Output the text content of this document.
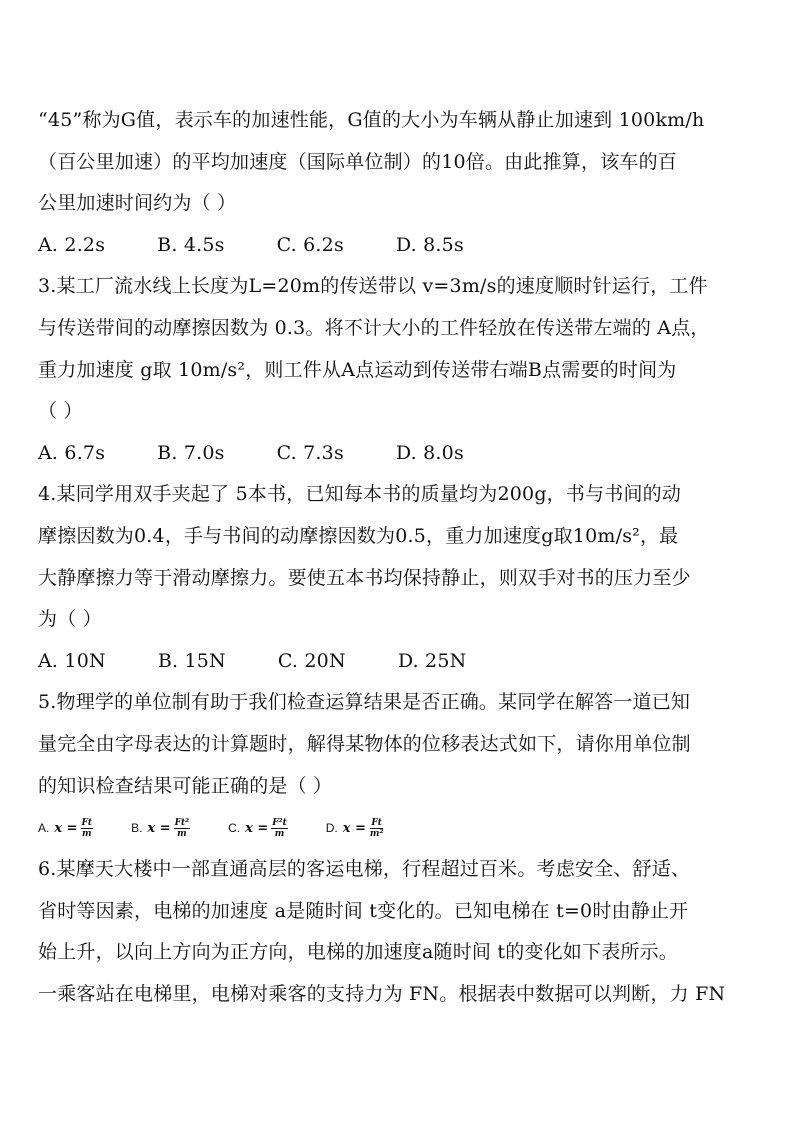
“45”称为G值，表示车的加速性能，G值的大小为车辆从静止加速到 100km/h
（百公里加速）的平均加速度（国际单位制）的10倍。由此推算，该车的百
公里加速时间约为（ ）
A. 2.2s	B. 4.5s	C. 6.2s	D. 8.5s
3.某工厂流水线上长度为L=20m的传送带以 v=3m/s的速度顺时针运行，工件
与传送带间的动摩擦因数为 0.3。将不计大小的工件轻放在传送带左端的 A点，
重力加速度 g取 10m/s²，则工件从A点运动到传送带右端B点需要的时间为
（ ）
A. 6.7s	B. 7.0s	C. 7.3s	D. 8.0s
4.某同学用双手夹起了 5本书，已知每本书的质量均为200g，书与书间的动
摩擦因数为0.4，手与书间的动摩擦因数为0.5，重力加速度g取10m/s²，最
大静摩擦力等于滑动摩擦力。要使五本书均保持静止，则双手对书的压力至少
为（ ）
A. 10N	B. 15N	C. 20N	D. 25N
5.物理学的单位制有助于我们检查运算结果是否正确。某同学在解答一道已知
量完全由字母表达的计算题时，解得某物体的位移表达式如下，请你用单位制
的知识检查结果可能正确的是（ ）
A. $x = \frac{Ft}{m}$	B. $x = \frac{\text{Ft²}}{m}$	C. $x = \frac{\text{F²t}}{m}$	D. $x = \frac{Ft}{\text{m²}}$
6.某摩天大楼中一部直通高层的客运电梯，行程超过百米。考虑安全、舒适、
省时等因素，电梯的加速度 a是随时间 t变化的。已知电梯在 t=0时由静止开
始上升，以向上方向为正方向，电梯的加速度a随时间 t的变化如下表所示。
一乘客站在电梯里，电梯对乘客的支持力为 FN。根据表中数据可以判断，力 FN
